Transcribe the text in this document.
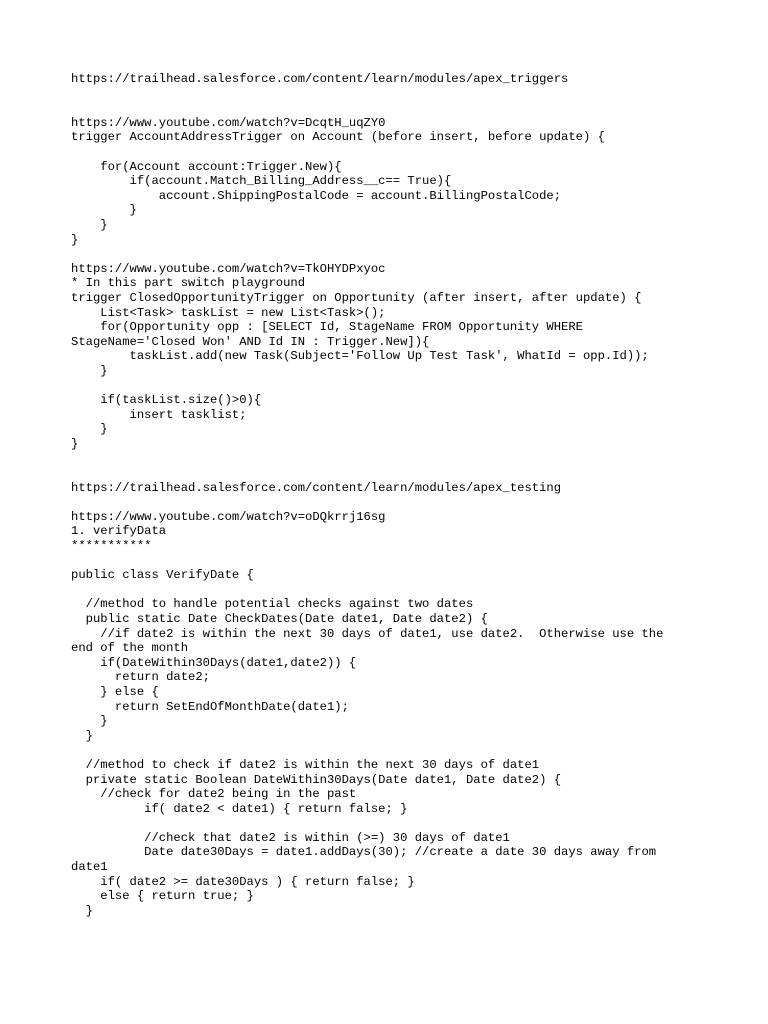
https://trailhead.salesforce.com/content/learn/modules/apex_triggers
https://www.youtube.com/watch?v=DcqtH_uqZY0
trigger AccountAddressTrigger on Account (before insert, before update) {
for(Account account:Trigger.New){
if(account.Match_Billing_Address__c== True){
account.ShippingPostalCode = account.BillingPostalCode;
}
}
}
https://www.youtube.com/watch?v=TkOHYDPxyoc
* In this part switch playground
trigger ClosedOpportunityTrigger on Opportunity (after insert, after update) {
List<Task> taskList = new List<Task>();
for(Opportunity opp : [SELECT Id, StageName FROM Opportunity WHERE
StageName='Closed Won' AND Id IN : Trigger.New]){
taskList.add(new Task(Subject='Follow Up Test Task', WhatId = opp.Id));
}
if(taskList.size()>0){
insert tasklist;
}
}
https://trailhead.salesforce.com/content/learn/modules/apex_testing
https://www.youtube.com/watch?v=oDQkrrj16sg
1. verifyData
***********
public class VerifyDate {
//method to handle potential checks against two dates
public static Date CheckDates(Date date1, Date date2) {
//if date2 is within the next 30 days of date1, use date2.  Otherwise use the
end of the month
if(DateWithin30Days(date1,date2)) {
return date2;
} else {
return SetEndOfMonthDate(date1);
}
}
//method to check if date2 is within the next 30 days of date1
private static Boolean DateWithin30Days(Date date1, Date date2) {
//check for date2 being in the past
if( date2 < date1) { return false; }
//check that date2 is within (>=) 30 days of date1
Date date30Days = date1.addDays(30); //create a date 30 days away from
date1
if( date2 >= date30Days ) { return false; }
else { return true; }
}
